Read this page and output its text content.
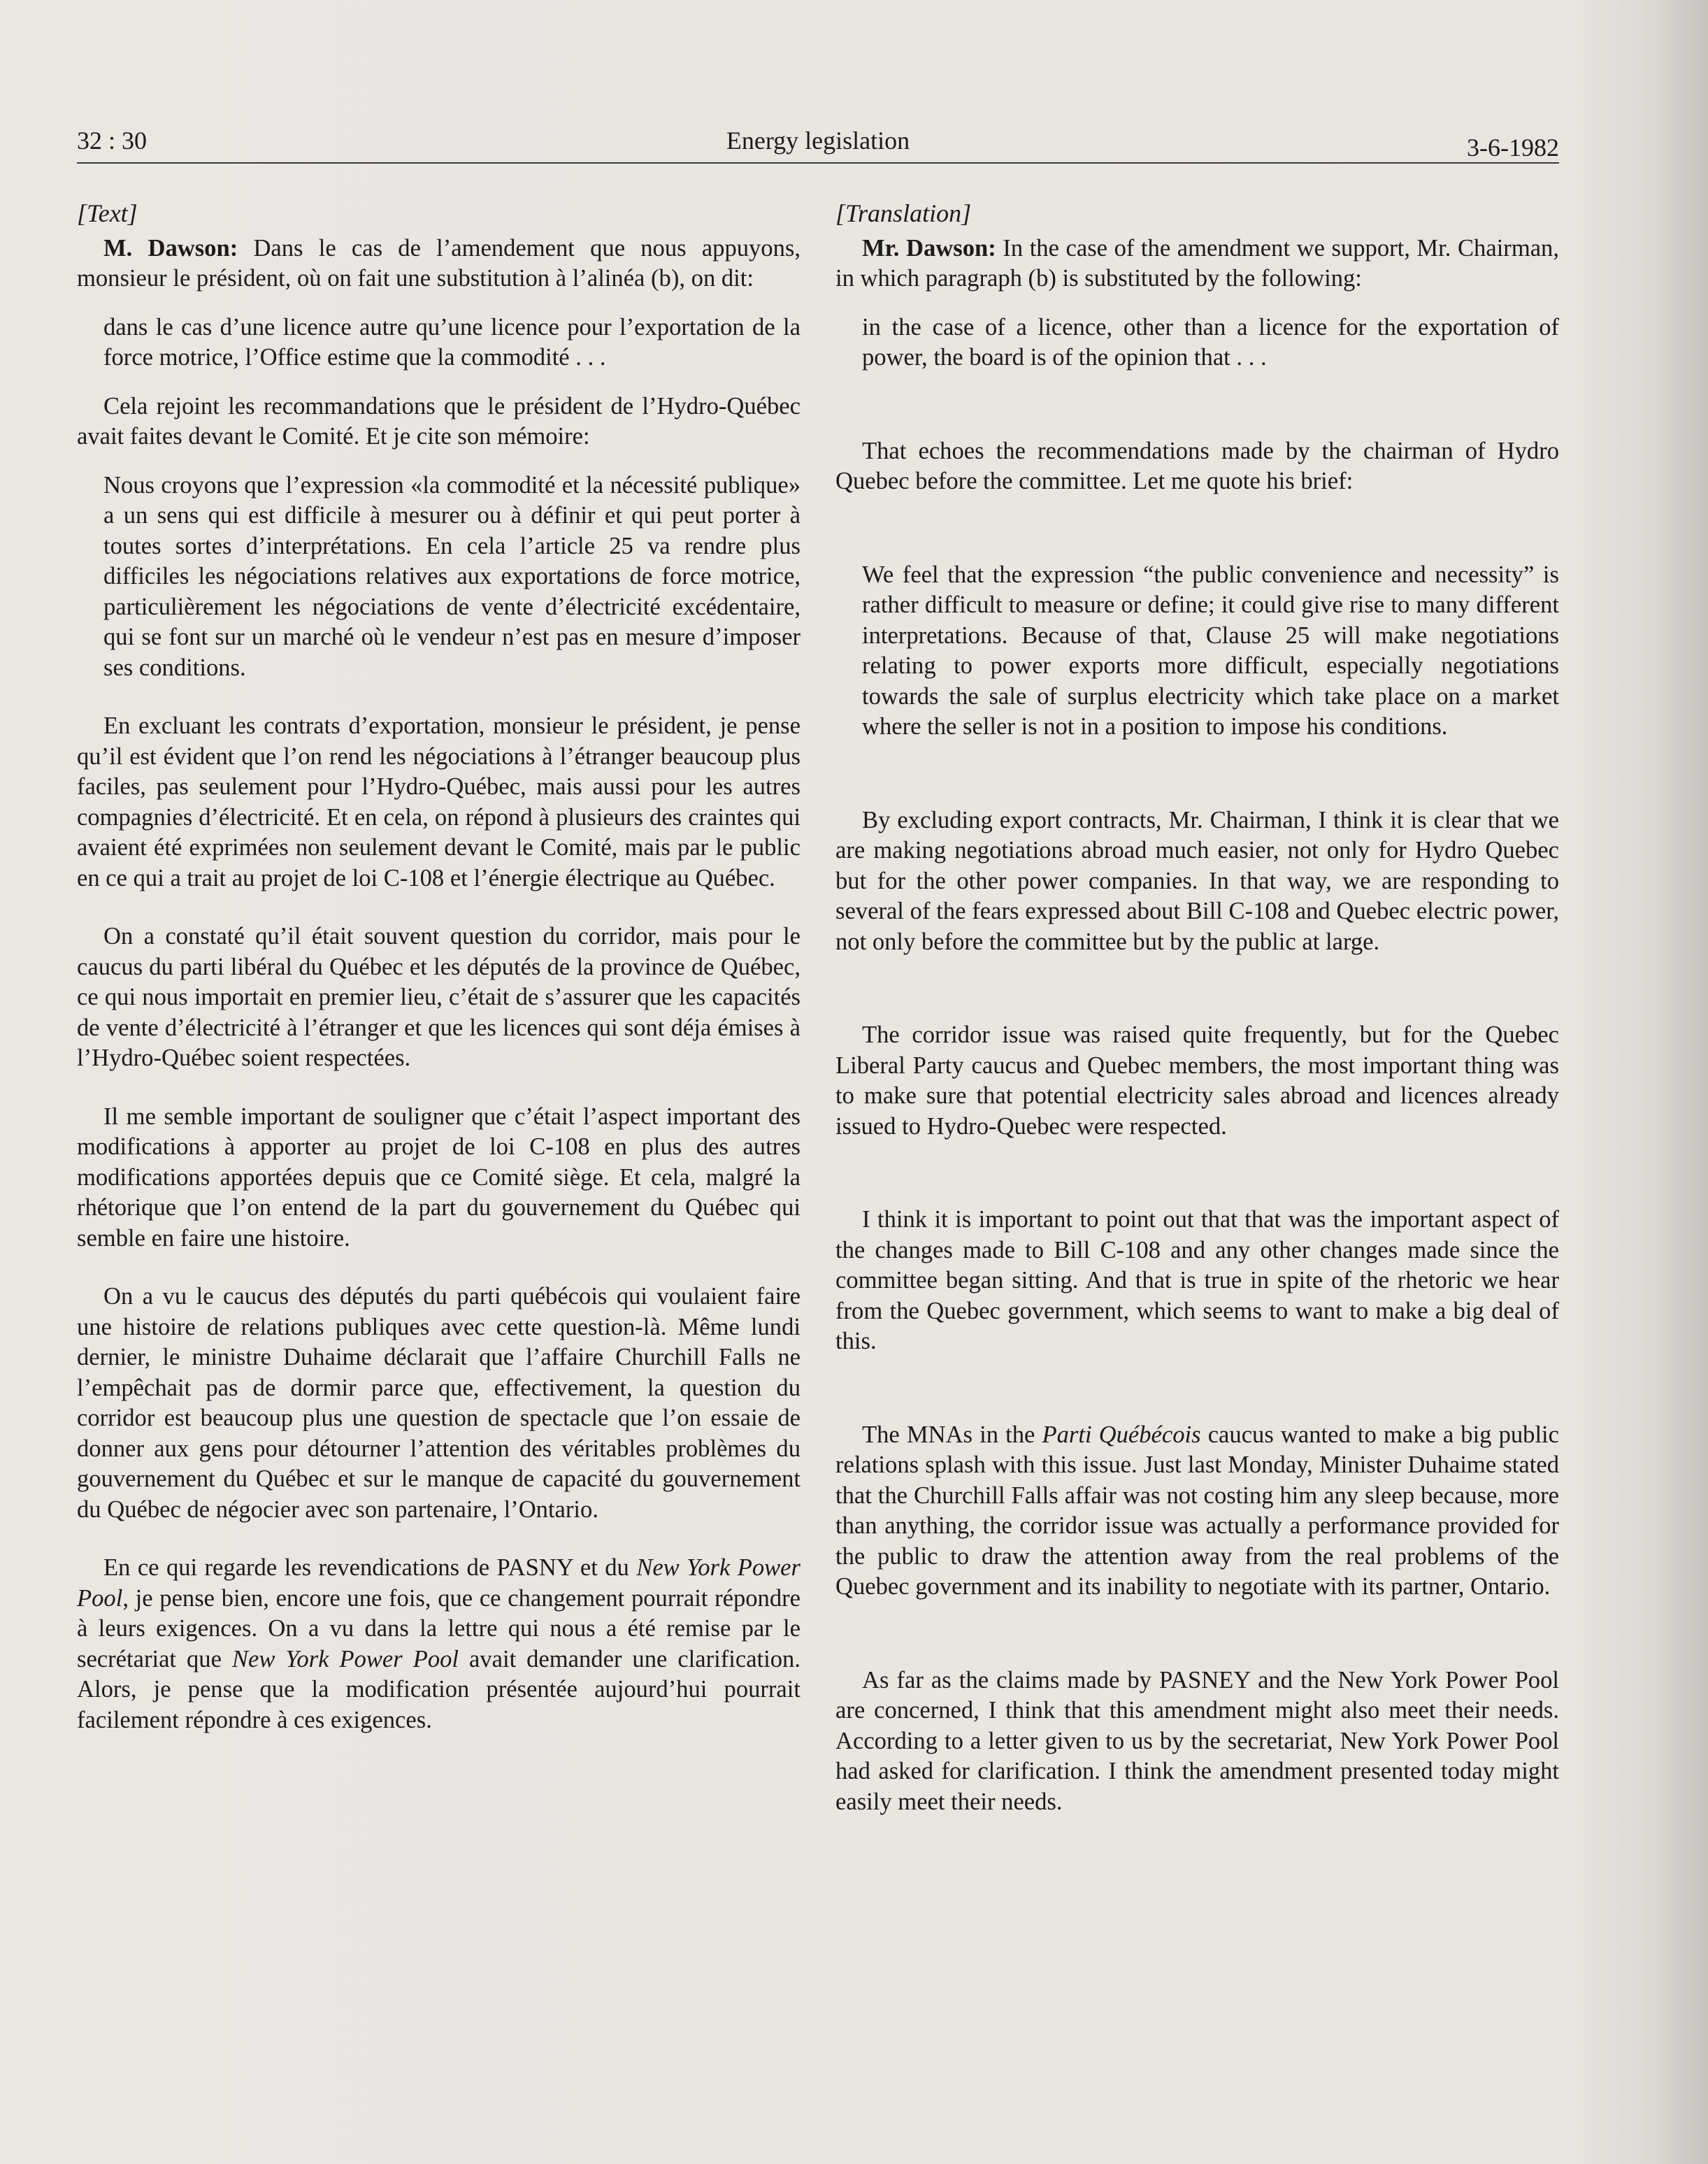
32 : 30	Energy legislation	3-6-1982
[Text]

M. Dawson: Dans le cas de l’amendement que nous appuyons, monsieur le président, où on fait une substitution à l’alinéa (b), on dit:

dans le cas d’une licence autre qu’une licence pour l’exportation de la force motrice, l’Office estime que la commodité . . .

Cela rejoint les recommandations que le président de l’Hydro-Québec avait faites devant le Comité. Et je cite son mémoire:

Nous croyons que l’expression «la commodité et la nécessité publique» a un sens qui est difficile à mesurer ou à définir et qui peut porter à toutes sortes d’interprétations. En cela l’article 25 va rendre plus difficiles les négociations relatives aux exportations de force motrice, particulièrement les négociations de vente d’électricité excédentaire, qui se font sur un marché où le vendeur n’est pas en mesure d’imposer ses conditions.

En excluant les contrats d’exportation, monsieur le président, je pense qu’il est évident que l’on rend les négociations à l’étranger beaucoup plus faciles, pas seulement pour l’Hydro-Québec, mais aussi pour les autres compagnies d’électricité. Et en cela, on répond à plusieurs des craintes qui avaient été exprimées non seulement devant le Comité, mais par le public en ce qui a trait au projet de loi C-108 et l’énergie électrique au Québec.

On a constaté qu’il était souvent question du corridor, mais pour le caucus du parti libéral du Québec et les députés de la province de Québec, ce qui nous importait en premier lieu, c’était de s’assurer que les capacités de vente d’électricité à l’étranger et que les licences qui sont déja émises à l’Hydro-Québec soient respectées.

Il me semble important de souligner que c’était l’aspect important des modifications à apporter au projet de loi C-108 en plus des autres modifications apportées depuis que ce Comité siège. Et cela, malgré la rhétorique que l’on entend de la part du gouvernement du Québec qui semble en faire une histoire.

On a vu le caucus des députés du parti québécois qui voulaient faire une histoire de relations publiques avec cette question-là. Même lundi dernier, le ministre Duhaime déclarait que l’affaire Churchill Falls ne l’empêchait pas de dormir parce que, effectivement, la question du corridor est beaucoup plus une question de spectacle que l’on essaie de donner aux gens pour détourner l’attention des véritables problèmes du gouvernement du Québec et sur le manque de capacité du gouvernement du Québec de négocier avec son partenaire, l’Ontario.

En ce qui regarde les revendications de PASNY et du New York Power Pool, je pense bien, encore une fois, que ce changement pourrait répondre à leurs exigences. On a vu dans la lettre qui nous a été remise par le secrétariat que New York Power Pool avait demander une clarification. Alors, je pense que la modification présentée aujourd’hui pourrait facilement répondre à ces exigences.

[Translation]

Mr. Dawson: In the case of the amendment we support, Mr. Chairman, in which paragraph (b) is substituted by the following:

in the case of a licence, other than a licence for the exportation of power, the board is of the opinion that . . .

That echoes the recommendations made by the chairman of Hydro Quebec before the committee. Let me quote his brief:

We feel that the expression “the public convenience and necessity” is rather difficult to measure or define; it could give rise to many different interpretations. Because of that, Clause 25 will make negotiations relating to power exports more difficult, especially negotiations towards the sale of surplus electricity which take place on a market where the seller is not in a position to impose his conditions.

By excluding export contracts, Mr. Chairman, I think it is clear that we are making negotiations abroad much easier, not only for Hydro Quebec but for the other power companies. In that way, we are responding to several of the fears expressed about Bill C-108 and Quebec electric power, not only before the committee but by the public at large.

The corridor issue was raised quite frequently, but for the Quebec Liberal Party caucus and Quebec members, the most important thing was to make sure that potential electricity sales abroad and licences already issued to Hydro-Quebec were respected.

I think it is important to point out that that was the important aspect of the changes made to Bill C-108 and any other changes made since the committee began sitting. And that is true in spite of the rhetoric we hear from the Quebec government, which seems to want to make a big deal of this.

The MNAs in the Parti Québécois caucus wanted to make a big public relations splash with this issue. Just last Monday, Minister Duhaime stated that the Churchill Falls affair was not costing him any sleep because, more than anything, the corridor issue was actually a performance provided for the public to draw the attention away from the real problems of the Quebec government and its inability to negotiate with its partner, Ontario.

As far as the claims made by PASNEY and the New York Power Pool are concerned, I think that this amendment might also meet their needs. According to a letter given to us by the secretariat, New York Power Pool had asked for clarification. I think the amendment presented today might easily meet their needs.
